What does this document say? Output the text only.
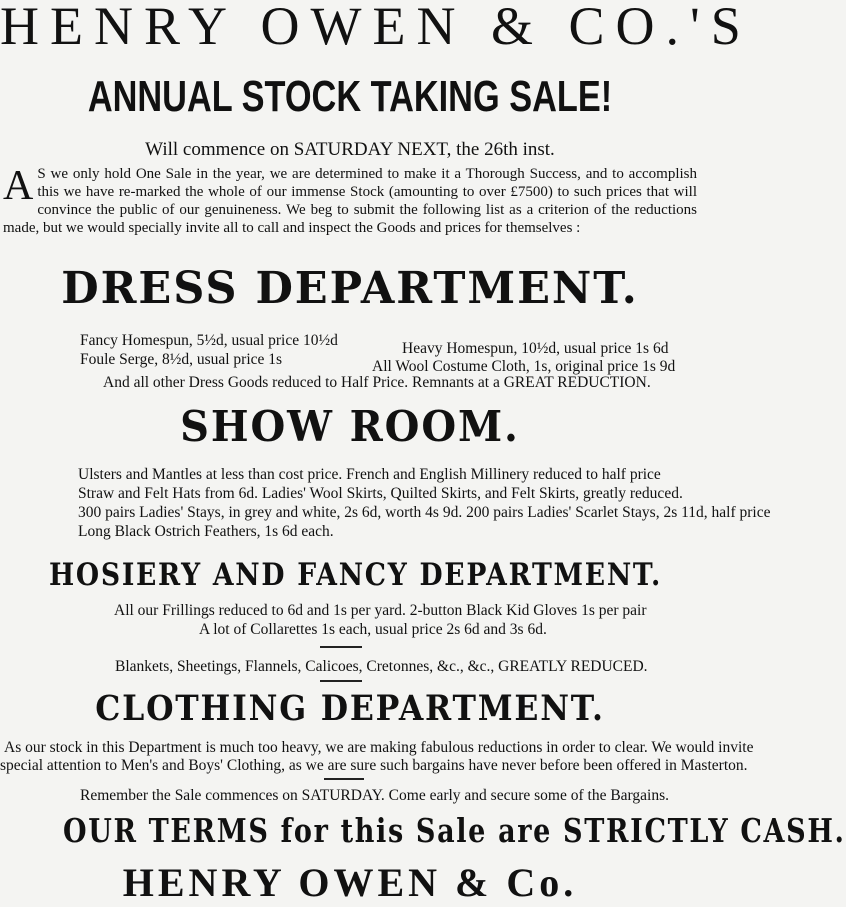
HENRY OWEN & CO.'S
ANNUAL STOCK TAKING SALE!
Will commence on SATURDAY NEXT, the 26th inst.
A S we only hold One Sale in the year, we are determined to make it a Thorough Success, and to accomplish this we have re-marked the whole of our immense Stock (amounting to over £7500) to such prices that will convince the public of our genuineness. We beg to submit the following list as a criterion of the reductions made, but we would specially invite all to call and inspect the Goods and prices for themselves :
DRESS DEPARTMENT.
Fancy Homespun, 5½d, usual price 10½d	Heavy Homespun, 10½d, usual price 1s 6d
Foule Serge, 8½d, usual price 1s	All Wool Costume Cloth, 1s, original price 1s 9d
And all other Dress Goods reduced to Half Price. Remnants at a GREAT REDUCTION.
SHOW ROOM.
Ulsters and Mantles at less than cost price. French and English Millinery reduced to half price
Straw and Felt Hats from 6d. Ladies' Wool Skirts, Quilted Skirts, and Felt Skirts, greatly reduced.
300 pairs Ladies' Stays, in grey and white, 2s 6d, worth 4s 9d. 200 pairs Ladies' Scarlet Stays, 2s 11d, half price
Long Black Ostrich Feathers, 1s 6d each.
HOSIERY AND FANCY DEPARTMENT.
All our Frillings reduced to 6d and 1s per yard. 2-button Black Kid Gloves 1s per pair
A lot of Collarettes 1s each, usual price 2s 6d and 3s 6d.
Blankets, Sheetings, Flannels, Calicoes, Cretonnes, &c., &c., GREATLY REDUCED.
CLOTHING DEPARTMENT.
As our stock in this Department is much too heavy, we are making fabulous reductions in order to clear. We would invite
special attention to Men's and Boys' Clothing, as we are sure such bargains have never before been offered in Masterton.
Remember the Sale commences on SATURDAY. Come early and secure some of the Bargains.
OUR TERMS for this Sale are STRICTLY CASH.
HENRY OWEN & Co.
